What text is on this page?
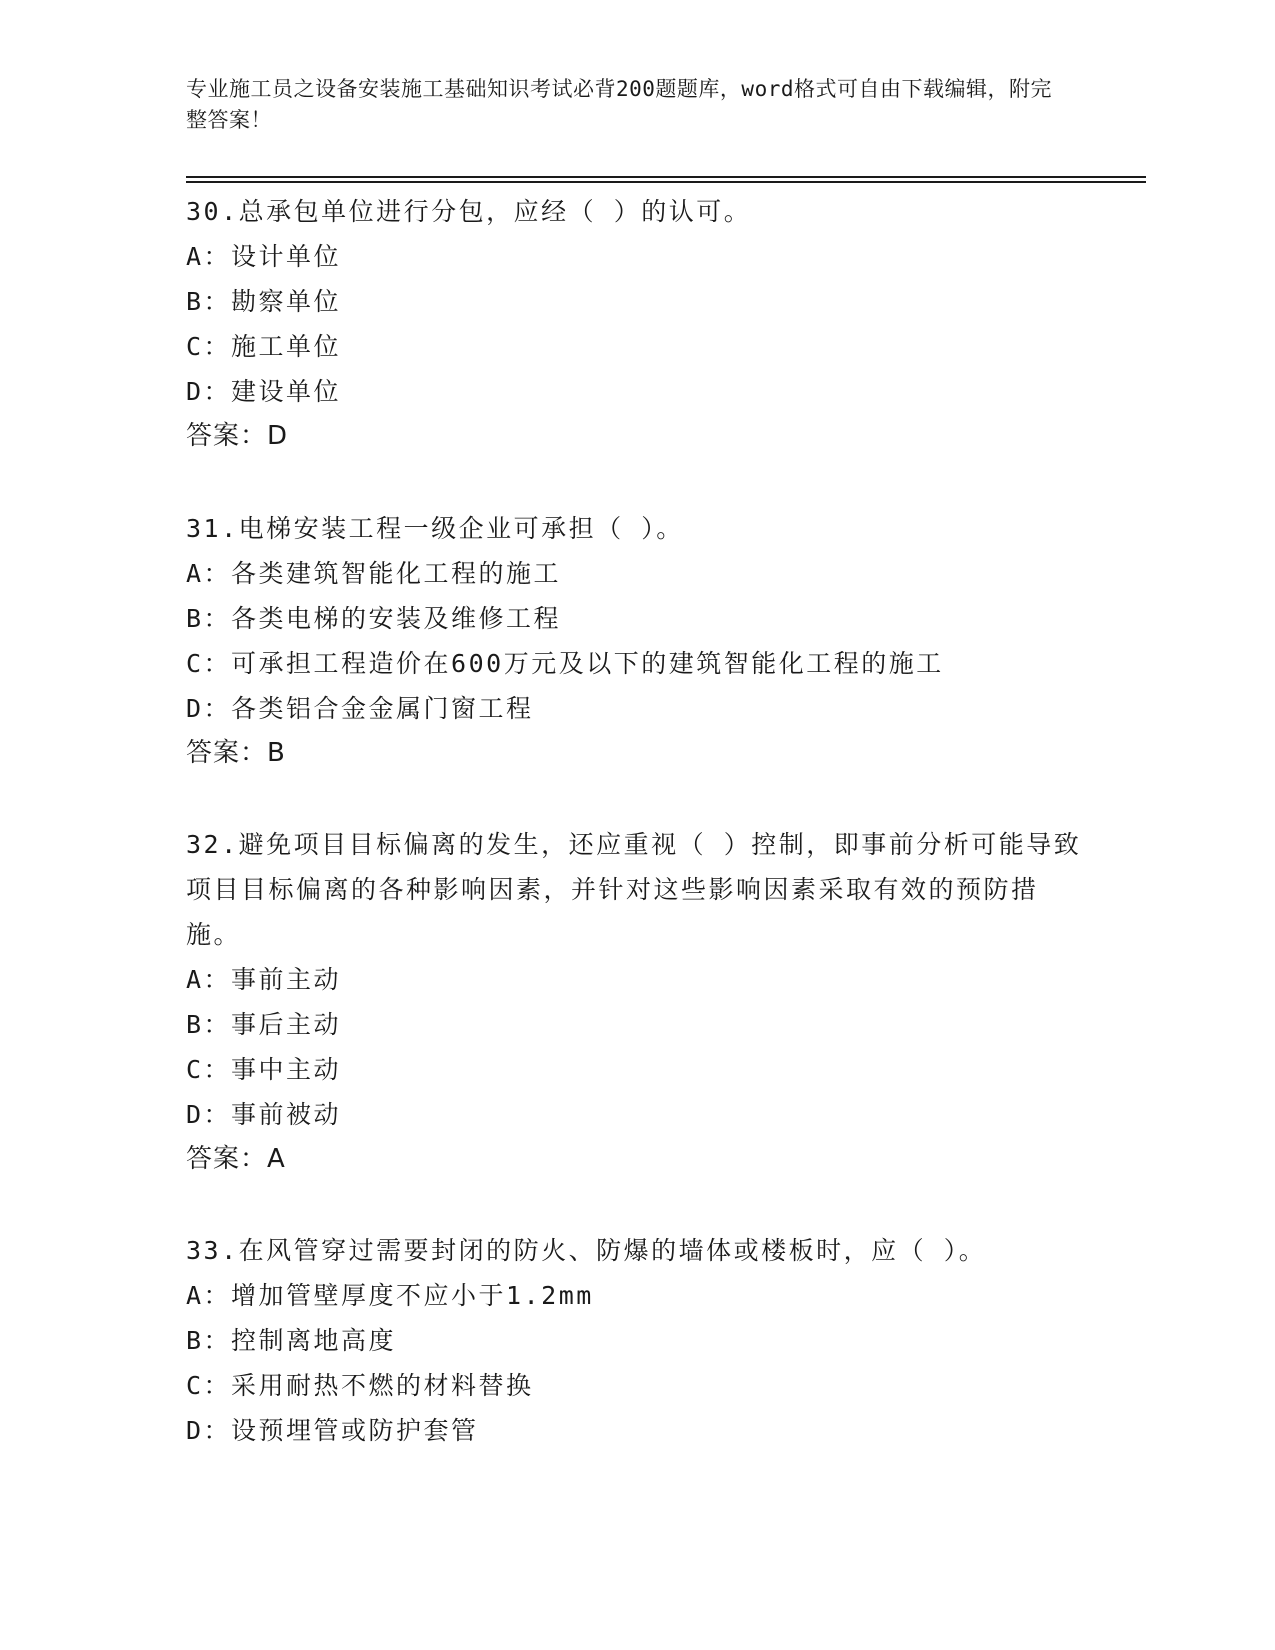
专业施工员之设备安装施工基础知识考试必背200题题库，word格式可自由下载编辑，附完整答案！

30.总承包单位进行分包，应经（ ）的认可。

A：设计单位

B：勘察单位

C：施工单位

D：建设单位

答案：D

31.电梯安装工程一级企业可承担（ ）。

A：各类建筑智能化工程的施工

B：各类电梯的安装及维修工程

C：可承担工程造价在600万元及以下的建筑智能化工程的施工

D：各类铝合金金属门窗工程

答案：B

32.避免项目目标偏离的发生，还应重视（ ）控制，即事前分析可能导致项目目标偏离的各种影响因素，并针对这些影响因素采取有效的预防措施。

A：事前主动

B：事后主动

C：事中主动

D：事前被动

答案：A

33.在风管穿过需要封闭的防火、防爆的墙体或楼板时，应（ ）。

A：增加管壁厚度不应小于1.2mm

B：控制离地高度

C：采用耐热不燃的材料替换

D：设预埋管或防护套管
